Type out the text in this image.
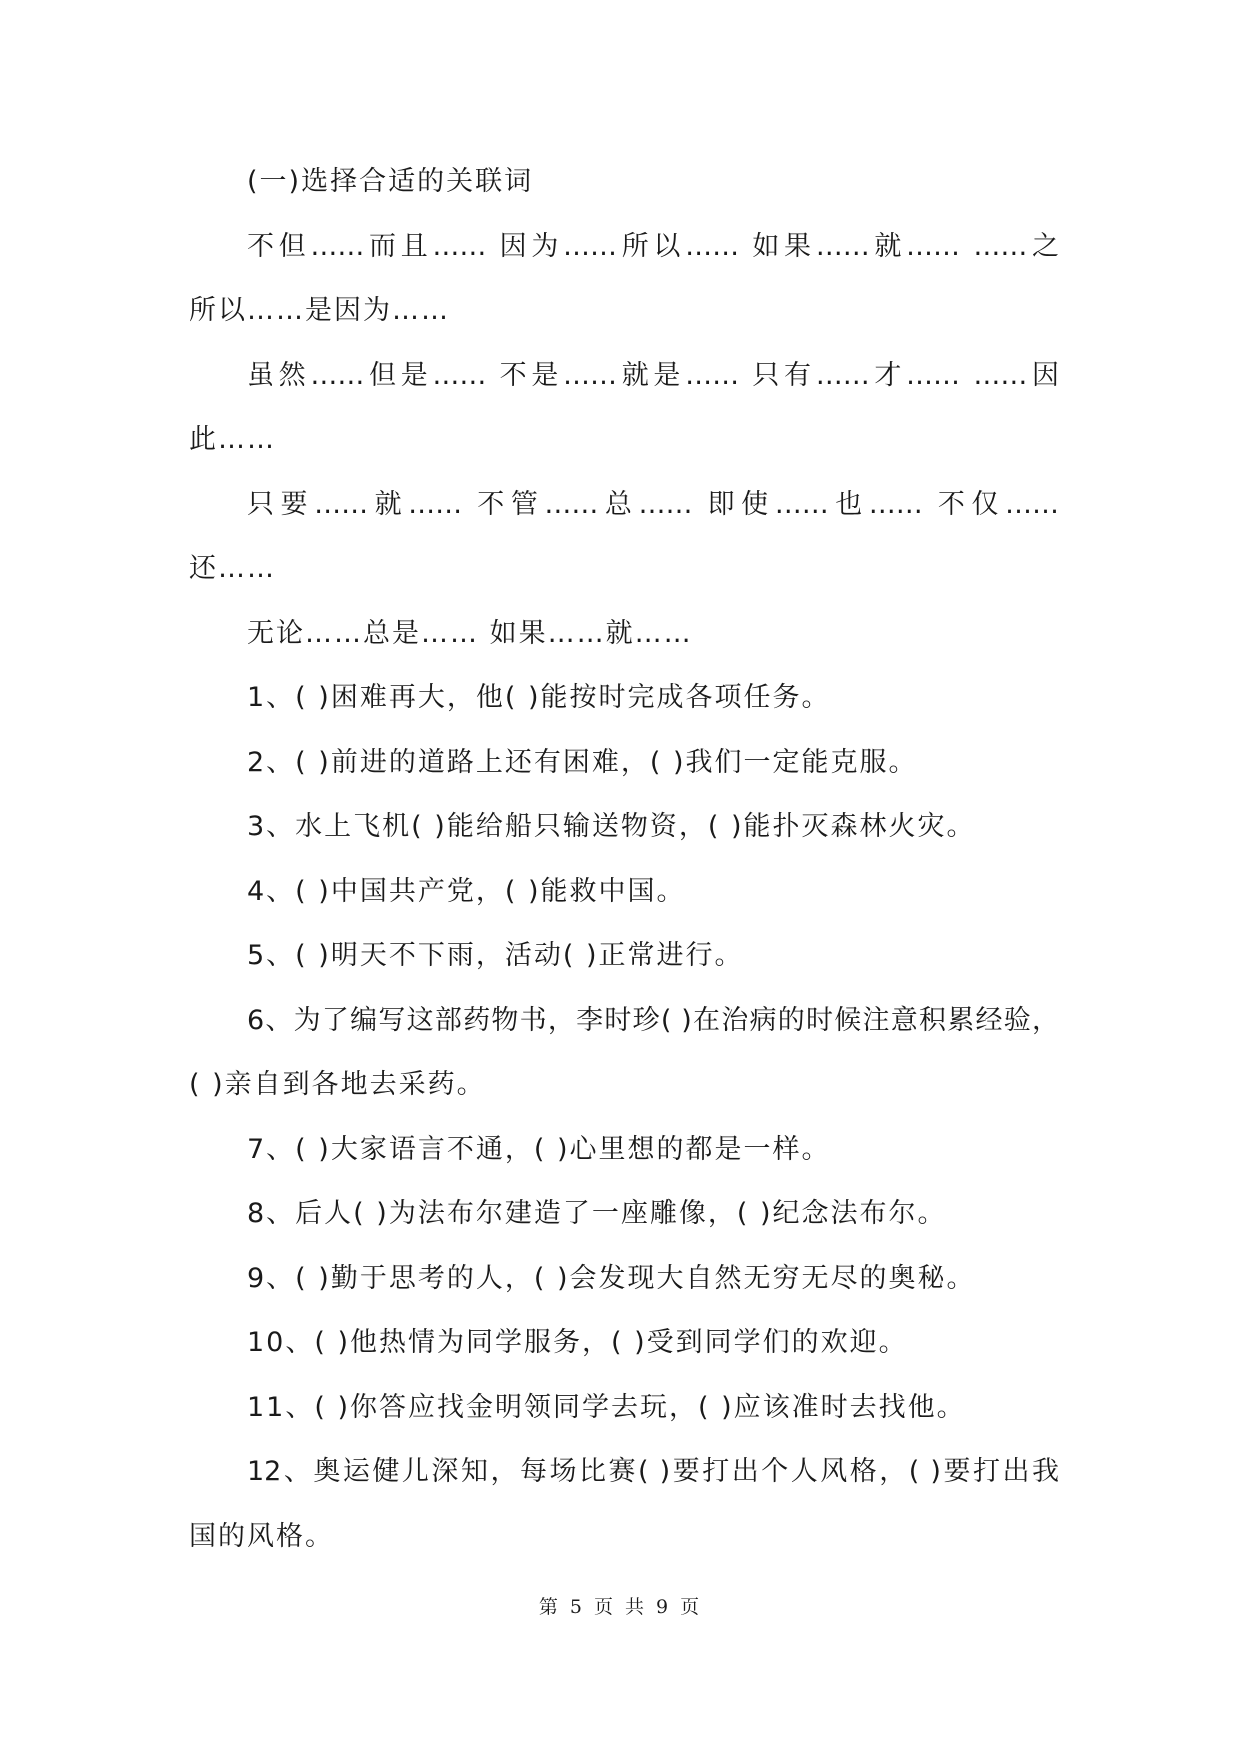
(一)选择合适的关联词
不但……而且…… 因为……所以…… 如果……就…… ……之
所以……是因为……
虽然……但是…… 不是……就是…… 只有……才…… ……因
此……
只要……就…… 不管……总…… 即使……也…… 不仅……
还……
无论……总是…… 如果……就……
1、( )困难再大，他( )能按时完成各项任务。
2、( )前进的道路上还有困难，( )我们一定能克服。
3、水上飞机( )能给船只输送物资，( )能扑灭森林火灾。
4、( )中国共产党，( )能救中国。
5、( )明天不下雨，活动( )正常进行。
6、为了编写这部药物书，李时珍( )在治病的时候注意积累经验，
( )亲自到各地去采药。
7、( )大家语言不通，( )心里想的都是一样。
8、后人( )为法布尔建造了一座雕像，( )纪念法布尔。
9、( )勤于思考的人，( )会发现大自然无穷无尽的奥秘。
10、( )他热情为同学服务，( )受到同学们的欢迎。
11、( )你答应找金明领同学去玩，( )应该准时去找他。
12、奥运健儿深知，每场比赛( )要打出个人风格，( )要打出我
国的风格。
第 5 页 共 9 页
